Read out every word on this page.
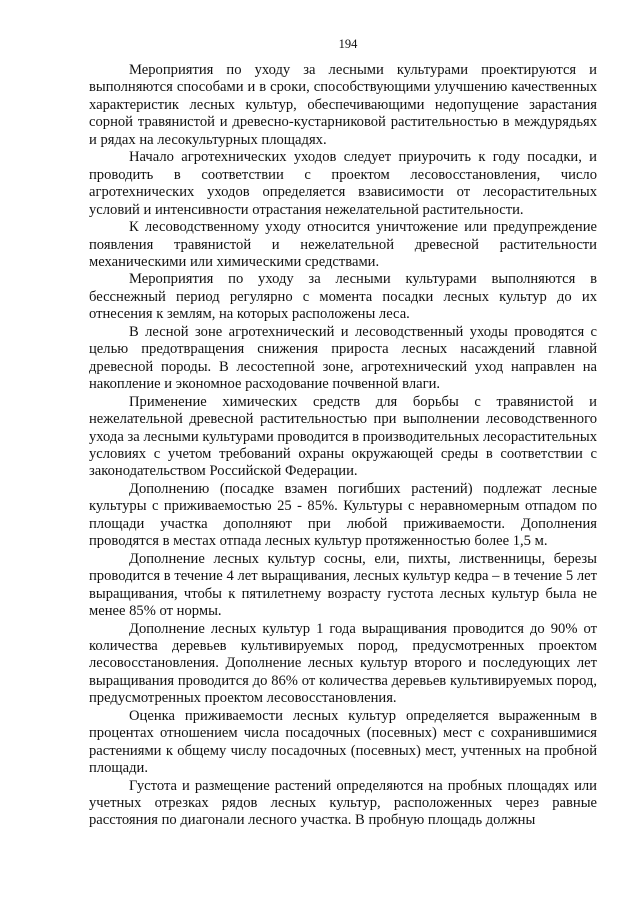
194

Мероприятия по уходу за лесными культурами проектируются и выполняются способами и в сроки, способствующими улучшению качественных характеристик лесных культур, обеспечивающими недопущение зарастания сорной травянистой и древесно-кустарниковой растительностью в междурядьях и рядах на лесокультурных площадях.

Начало агротехнических уходов следует приурочить к году посадки, и проводить в соответствии с проектом лесовосстановления, число агротехнических уходов определяется взависимости от лесорастительных условий и интенсивности отрастания нежелательной растительности.

К лесоводственному уходу относится уничтожение или предупреждение появления травянистой и нежелательной древесной растительности механическими или химическими средствами.

Мероприятия по уходу за лесными культурами выполняются в бесснежный период регулярно с момента посадки лесных культур до их отнесения к землям, на которых расположены леса.

В лесной зоне агротехнический и лесоводственный уходы проводятся с целью предотвращения снижения прироста лесных насаждений главной древесной породы. В лесостепной зоне, агротехнический уход направлен на накопление и экономное расходование почвенной влаги.

Применение химических средств для борьбы с травянистой и нежелательной древесной растительностью при выполнении лесоводственного ухода за лесными культурами проводится в производительных лесорастительных условиях с учетом требований охраны окружающей среды в соответствии с законодательством Российской Федерации.

Дополнению (посадке взамен погибших растений) подлежат лесные культуры с приживаемостью 25 - 85%. Культуры с неравномерным отпадом по площади участка дополняют при любой приживаемости. Дополнения проводятся в местах отпада лесных культур протяженностью более 1,5 м.

Дополнение лесных культур сосны, ели, пихты, лиственницы, березы проводится в течение 4 лет выращивания, лесных культур кедра – в течение 5 лет выращивания, чтобы к пятилетнему возрасту густота лесных культур была не менее 85% от нормы.

Дополнение лесных культур 1 года выращивания проводится до 90% от количества деревьев культивируемых пород, предусмотренных проектом лесовосстановления. Дополнение лесных культур второго и последующих лет выращивания проводится до 86% от количества деревьев культивируемых пород, предусмотренных проектом лесовосстановления.

Оценка приживаемости лесных культур определяется выраженным в процентах отношением числа посадочных (посевных) мест с сохранившимися растениями к общему числу посадочных (посевных) мест, учтенных на пробной площади.

Густота и размещение растений определяются на пробных площадях или учетных отрезках рядов лесных культур, расположенных через равные расстояния по диагонали лесного участка. В пробную площадь должны
